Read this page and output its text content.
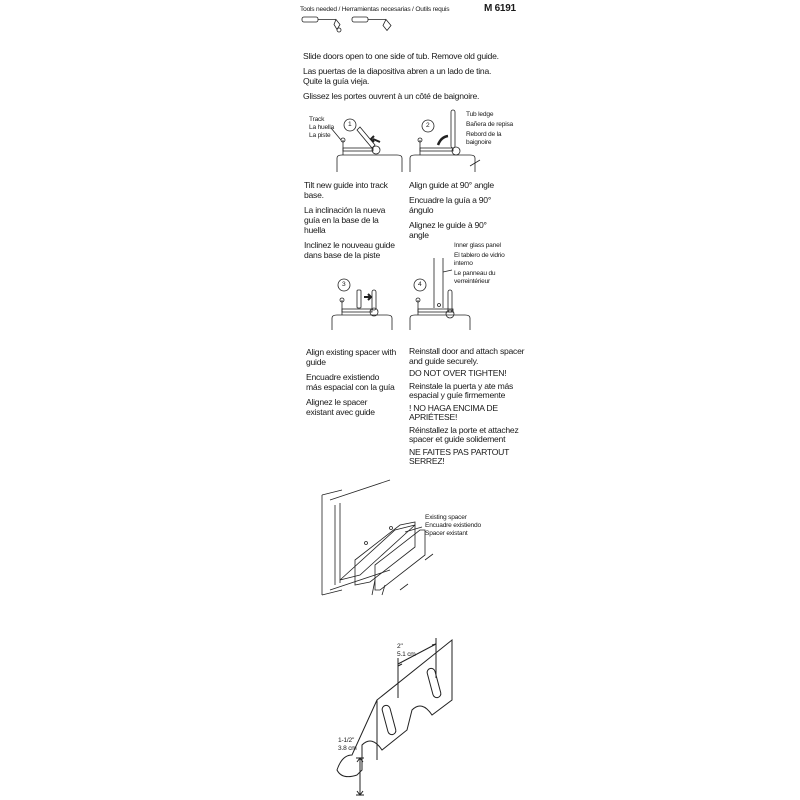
Tools needed / Herramientas necesarias / Outils requis	M 6191

Slide doors open to one side of tub. Remove old guide.

Las puertas de la diapositiva abren a un lado de tina. Quite la guía vieja.

Glissez les portes ouvrent à un côté de baignoire.

1	2
3	4
Track
La huella
La piste
Tub ledge
Bañera de repisa
Rebord de la baignoire
Inner glass panel
El tablero de vidrio interno
Le panneau du verreintérieur

Tilt new guide into track base.

La inclinación la nueva guía en la base de la huella

Inclinez le nouveau guide dans base de la piste

Align guide at 90° angle

Encuadre la guía a 90° ángulo

Alignez le guide à 90° angle

Align existing spacer with guide

Encuadre existiendo más espacial con la guía

Alignez le spacer existant avec guide

Reinstall door and attach spacer and guide securely.

DO NOT OVER TIGHTEN!

Reinstale la puerta y ate más espacial y guíe firmemente

! NO HAGA ENCIMA DE APRIÉTESE!

Réinstallez la porte et attachez spacer et guide solidement

NE FAITES PAS PARTOUT SERREZ!

Existing spacer
Encuadre existiendo
Spacer existant
2"
5.1 cm
1-1/2"
3.8 cm
